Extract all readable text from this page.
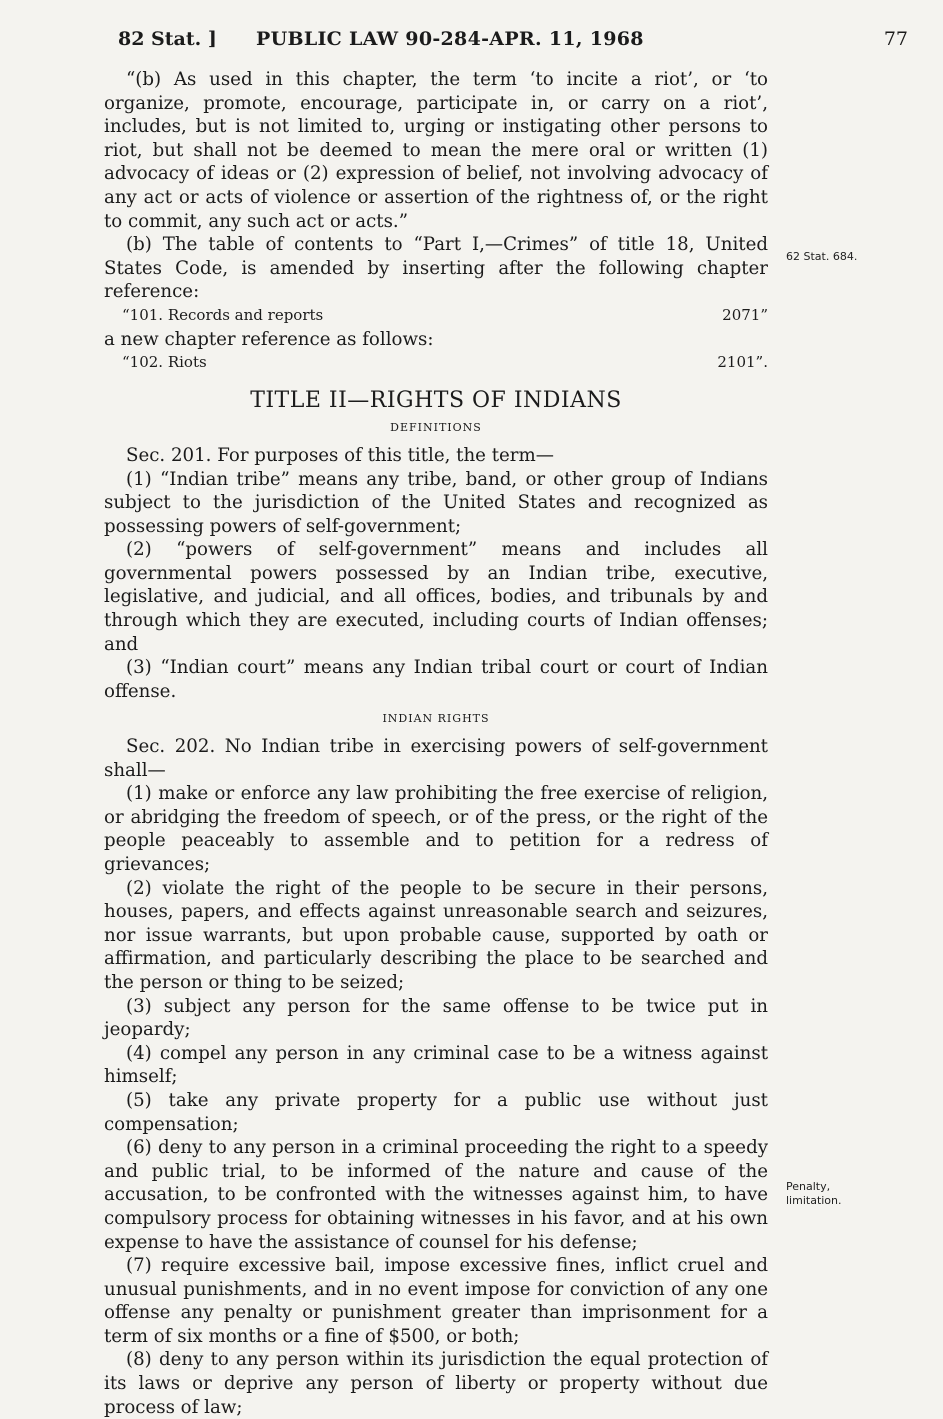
82 Stat. ] PUBLIC LAW 90-284-APR. 11, 1968	77

“(b) As used in this chapter, the term ‘to incite a riot’, or ‘to organize, promote, encourage, participate in, or carry on a riot’, includes, but is not limited to, urging or instigating other persons to riot, but shall not be deemed to mean the mere oral or written (1) advocacy of ideas or (2) expression of belief, not involving advocacy of any act or acts of violence or assertion of the rightness of, or the right to commit, any such act or acts.”

(b) The table of contents to “Part I,—Crimes” of title 18, United States Code, is amended by inserting after the following chapter reference:

“101. Records and reports	2071”

a new chapter reference as follows:

“102. Riots	2101”.
TITLE II—RIGHTS OF INDIANS
DEFINITIONS

Sec. 201. For purposes of this title, the term—

(1) “Indian tribe” means any tribe, band, or other group of Indians subject to the jurisdiction of the United States and recognized as possessing powers of self-government;

(2) “powers of self-government” means and includes all governmental powers possessed by an Indian tribe, executive, legislative, and judicial, and all offices, bodies, and tribunals by and through which they are executed, including courts of Indian offenses; and

(3) “Indian court” means any Indian tribal court or court of Indian offense.

INDIAN RIGHTS

Sec. 202. No Indian tribe in exercising powers of self-government shall—

(1) make or enforce any law prohibiting the free exercise of religion, or abridging the freedom of speech, or of the press, or the right of the people peaceably to assemble and to petition for a redress of grievances;

(2) violate the right of the people to be secure in their persons, houses, papers, and effects against unreasonable search and seizures, nor issue warrants, but upon probable cause, supported by oath or affirmation, and particularly describing the place to be searched and the person or thing to be seized;

(3) subject any person for the same offense to be twice put in jeopardy;

(4) compel any person in any criminal case to be a witness against himself;

(5) take any private property for a public use without just compensation;

(6) deny to any person in a criminal proceeding the right to a speedy and public trial, to be informed of the nature and cause of the accusation, to be confronted with the witnesses against him, to have compulsory process for obtaining witnesses in his favor, and at his own expense to have the assistance of counsel for his defense;

(7) require excessive bail, impose excessive fines, inflict cruel and unusual punishments, and in no event impose for conviction of any one offense any penalty or punishment greater than imprisonment for a term of six months or a fine of $500, or both;

(8) deny to any person within its jurisdiction the equal protection of its laws or deprive any person of liberty or property without due process of law;

62 Stat. 684.
Penalty, limitation.
